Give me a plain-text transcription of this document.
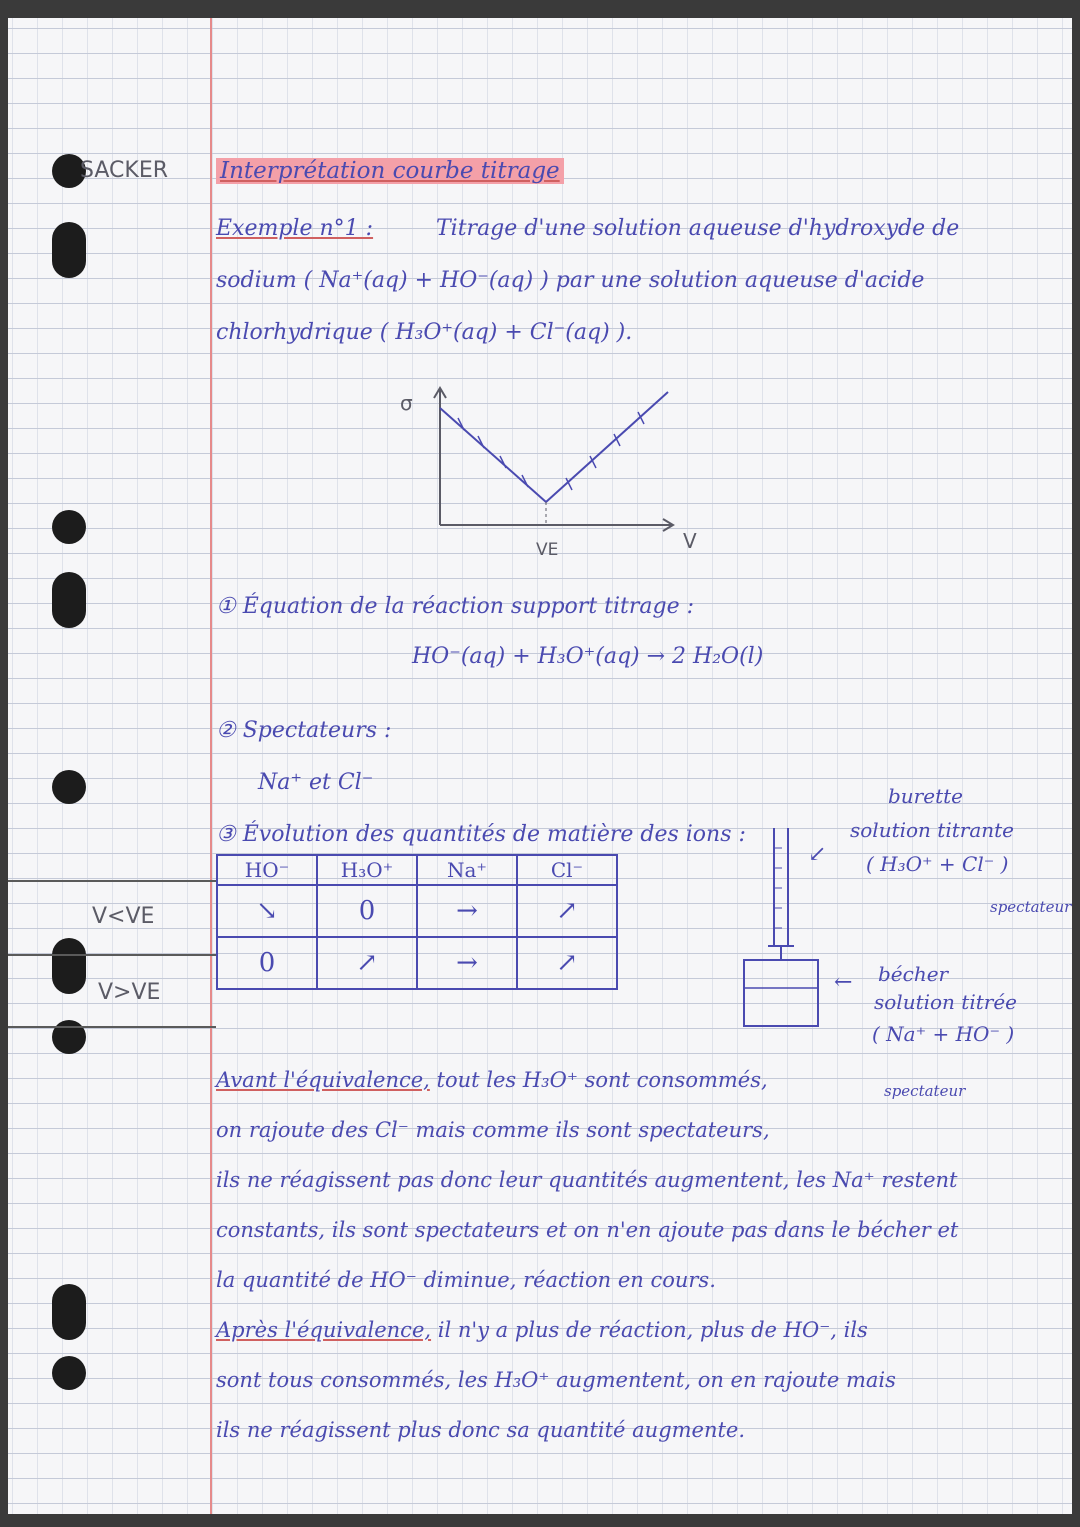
SACKER Interprétation courbe titrage
Exemple n°1 :	Titrage d'une solution aqueuse d'hydroxyde de
sodium ( Na⁺(aq) + HO⁻(aq) ) par une solution aqueuse d'acide
chlorhydrique ( H₃O⁺(aq) + Cl⁻(aq) ).
σ
V
VE
① Équation de la réaction support titrage :
HO⁻(aq) + H₃O⁺(aq) → 2 H₂O(l)
② Spectateurs :
Na⁺ et Cl⁻
③ Évolution des quantités de matière des ions :
V<VE
V>VE
HO⁻	H₃O⁺	Na⁺	Cl⁻
↘	0	→	↗
0	↗	→	↗
↙
burette
solution titrante
( H₃O⁺ + Cl⁻ )
spectateur
← bécher
solution titrée
( Na⁺ + HO⁻ )
spectateur
Avant l'équivalence, tout les H₃O⁺ sont consommés,
on rajoute des Cl⁻ mais comme ils sont spectateurs,
ils ne réagissent pas donc leur quantités augmentent, les Na⁺ restent
constants, ils sont spectateurs et on n'en ajoute pas dans le bécher et
la quantité de HO⁻ diminue, réaction en cours.
Après l'équivalence, il n'y a plus de réaction, plus de HO⁻, ils
sont tous consommés, les H₃O⁺ augmentent, on en rajoute mais
ils ne réagissent plus donc sa quantité augmente.
